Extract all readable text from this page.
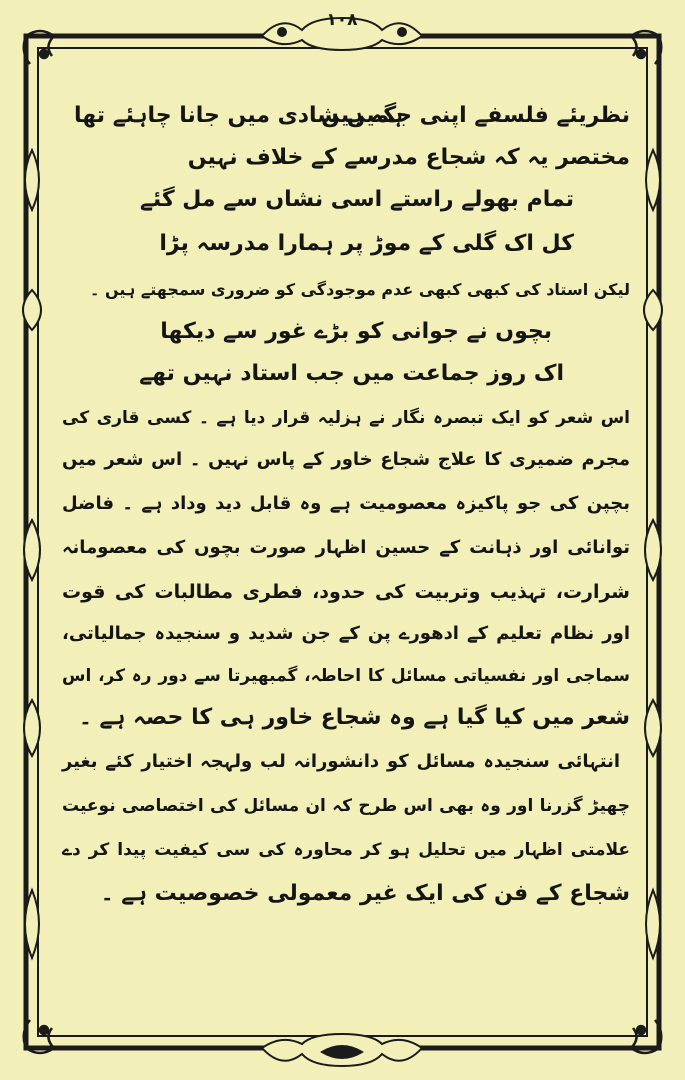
۱۰۸
نظریئے فلسفے اپنی جگہ ہیں
ہمیں شادی میں جانا چاہئے تھا
مختصر یہ کہ شجاع مدرسے کے خلاف نہیں
تمام بھولے راستے اسی نشاں سے مل گئے
کل اک گلی کے موڑ پر ہمارا مدرسہ پڑا
لیکن استاد کی کبھی کبھی عدم موجودگی کو ضروری سمجھتے ہیں ۔
بچوں نے جوانی کو بڑے غور سے دیکھا
اک روز جماعت میں جب استاد نہیں تھے
اس شعر کو ایک تبصرہ نگار نے ہزلیہ قرار دیا ہے ۔ کسی قاری کی
مجرم ضمیری کا علاج شجاع خاور کے پاس نہیں ۔ اس شعر میں
بچپن کی جو پاکیزہ معصومیت ہے وہ قابل دید وداد ہے ۔ فاضل
توانائی اور ذہانت کے حسین اظہار صورت بچوں کی معصومانہ
شرارت، تہذیب وتربیت کی حدود، فطری مطالبات کی قوت
اور نظام تعلیم کے ادھورے پن کے جن شدید و سنجیدہ جمالیاتی،
سماجی اور نفسیاتی مسائل کا احاطہ، گمبھیرتا سے دور رہ کر، اس
شعر میں کیا گیا ہے وہ شجاع خاور ہی کا حصہ ہے ۔
انتہائی سنجیدہ مسائل کو دانشورانہ لب ولہجہ اختیار کئے بغیر
چھیڑ گزرنا اور وہ بھی اس طرح کہ ان مسائل کی اختصاصی نوعیت
علامتی اظہار میں تحلیل ہو کر محاورہ کی سی کیفیت پیدا کر دے
شجاع کے فن کی ایک غیر معمولی خصوصیت ہے ۔
